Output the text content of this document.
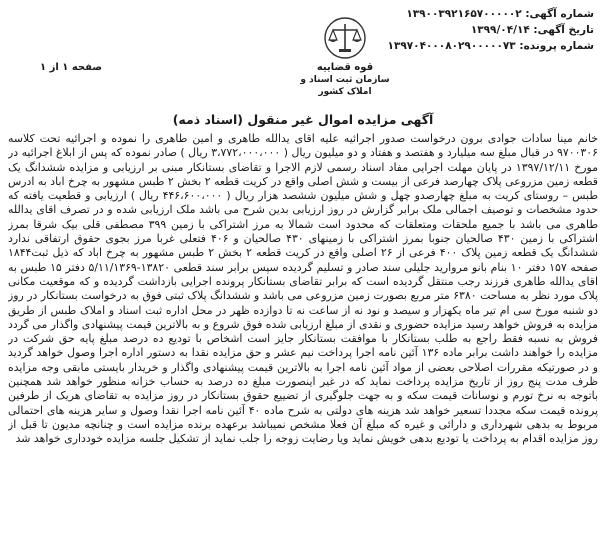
شماره آگهی: ۱۳۹۰۰۳۹۲۱۶۵۷۰۰۰۰۰۲
تاریخ آگهی: ۱۳۹۹/۰۴/۱۴
شماره پرونده: ۱۳۹۷۰۴۰۰۰۸۰۲۹۰۰۰۰۰۷۳
قوه قضاییه
سازمان ثبت اسناد و املاک کشور
صفحه ۱ از ۱
آگهی مزایده اموال غیر منقول (اسناد ذمه)
خانم مینا سادات جوادی برون درخواست صدور اجرائیه علیه اقای یدالله طاهری و امین طاهری را نموده و اجرائیه تحت کلاسه ۹۷۰۰۳۰۶ در قبال مبلغ سه میلیارد و هفتصد و هفتاد و دو میلیون ریال ( ۳،۷۷۲،۰۰۰،۰۰۰ ریال ) صادر نموده که پس از ابلاغ اجرائیه در مورخ ۱۳۹۷/۱۲/۱۱ در پایان مهلت اجرایی مفاد اسناد رسمی لازم الاجرا و تقاضای بستانکار مبنی بر ارزیابی و مزایده ششدانگ یک قطعه زمین مزروعی پلاک چهارصد فرعی از بیست و شش اصلی واقع در کریت قطعه ۲ بخش ۲ طبس مشهور به چرخ اباد به ادرس طبس – روستای کریت به مبلغ چهارصدو چهل و شش میلیون ششصد هزار ریال ( ۴۴۶،۶۰۰،۰۰۰ ریال ) ارزیابی و قطعیت یافته که حدود مشخصات و توصیف اجمالی ملک برابر گزارش در روز ارزیابی بدین شرح می باشد ملک ارزیابی شده و در تصرف اقای یدالله طاهری می باشد با جمیع ملحقات ومتعلقات که محدود است شمالا به مرز اشتراکی با زمین ۳۹۹ مصطفی قلی بیک شرقا بمرز اشتراکی با زمین ۴۳۰ صالحیان جنوبا بمرز اشتراکی با زمینهای ۴۳۰ صالحیان و ۴۰۶ فتعلی غربا مرز بجوی حقوق ارتفاقی ندارد ششدانگ یک قطعه زمین پلاک ۴۰۰ فرعی از ۲۶ اصلی واقع در کریت قطعه ۲ بخش ۲ طبس مشهور به چرخ اباد که ذیل ثبت۱۸۴۴ صفحه ۱۵۷ دفتر ۱۰ بنام بانو مرواريد جلیلی سند صادر و تسلیم گردیده سپس برابر سند قطعی ۱۳۸۲۰-۵/۱۱/۱۳۶۹ دفتر ۱۵ طبس به اقای یدالله طاهری فرزند رجب منتقل گردیده است که برابر تقاضای بستانکار پرونده اجرایی بازداشت گردیده و که موقعیت مکانی پلاک مورد نظر به مساحت ۶۳۸۰ متر مربع بصورت زمین مزروعی می باشد و ششدانگ پلاک ثبتی فوق به درخواست بستانکار در روز دو شنبه مورخ سی ام تیر ماه یکهزار و سیصد و نود نه از ساعت نه تا دوازده ظهر در محل اداره ثبت اسناد و املاک طبس از طریق مزایده به فروش خواهد رسید مزایده حضوری و نقدی از مبلغ ارزیابی شده فوق شروع و به بالاترین قیمت پیشنهادی واگذار می گردد فروش به نسبه فقط راجع به طلب بستانکار با موافقت بستانکار جایز است اشخاص با تودیع ده درصد مبلغ پایه حق شرکت در مزایده را خواهند داشت برابر ماده ۱۳۶ آئین نامه اجرا پرداخت نیم عشر و حق مزایده نقدا به دستور اداره اجرا وصول خواهد گردید و در صورتیکه مقررات اصلاحی بعضی از مواد آئین نامه اجرا به بالاترین قیمت پیشنهادی واگذار و خریدار بایستی مابقی وجه مزایده ظرف مدت پنج روز از تاریخ مزایده پرداخت نماید که در غیر اینصورت مبلغ ده درصد به حساب خزانه منظور خواهد شد همچنین باتوجه به نرخ تورم و نوسانات قیمت سکه و به جهت جلوگیری از تضییع حقوق بستانکار در روز مزایده به تقاضای هریک از طرفین پرونده قیمت سکه مجددا تسعیر خواهد شد هزینه های دولتی به شرح ماده ۴۰ آئین نامه اجرا نقدا وصول و سایر هزینه های احتمالی مربوط به بدهی شهرداری و دارائی و غیره که مبلغ آن فعلا مشخص نمیباشد برعهده برنده مزایده است و چنانچه مدیون تا قبل از روز مزایده اقدام به پرداخت یا تودیع بدهی خویش نماید ویا رضایت زوجه را جلب نماید از تشکیل جلسه مزایده خودداری خواهد شد
